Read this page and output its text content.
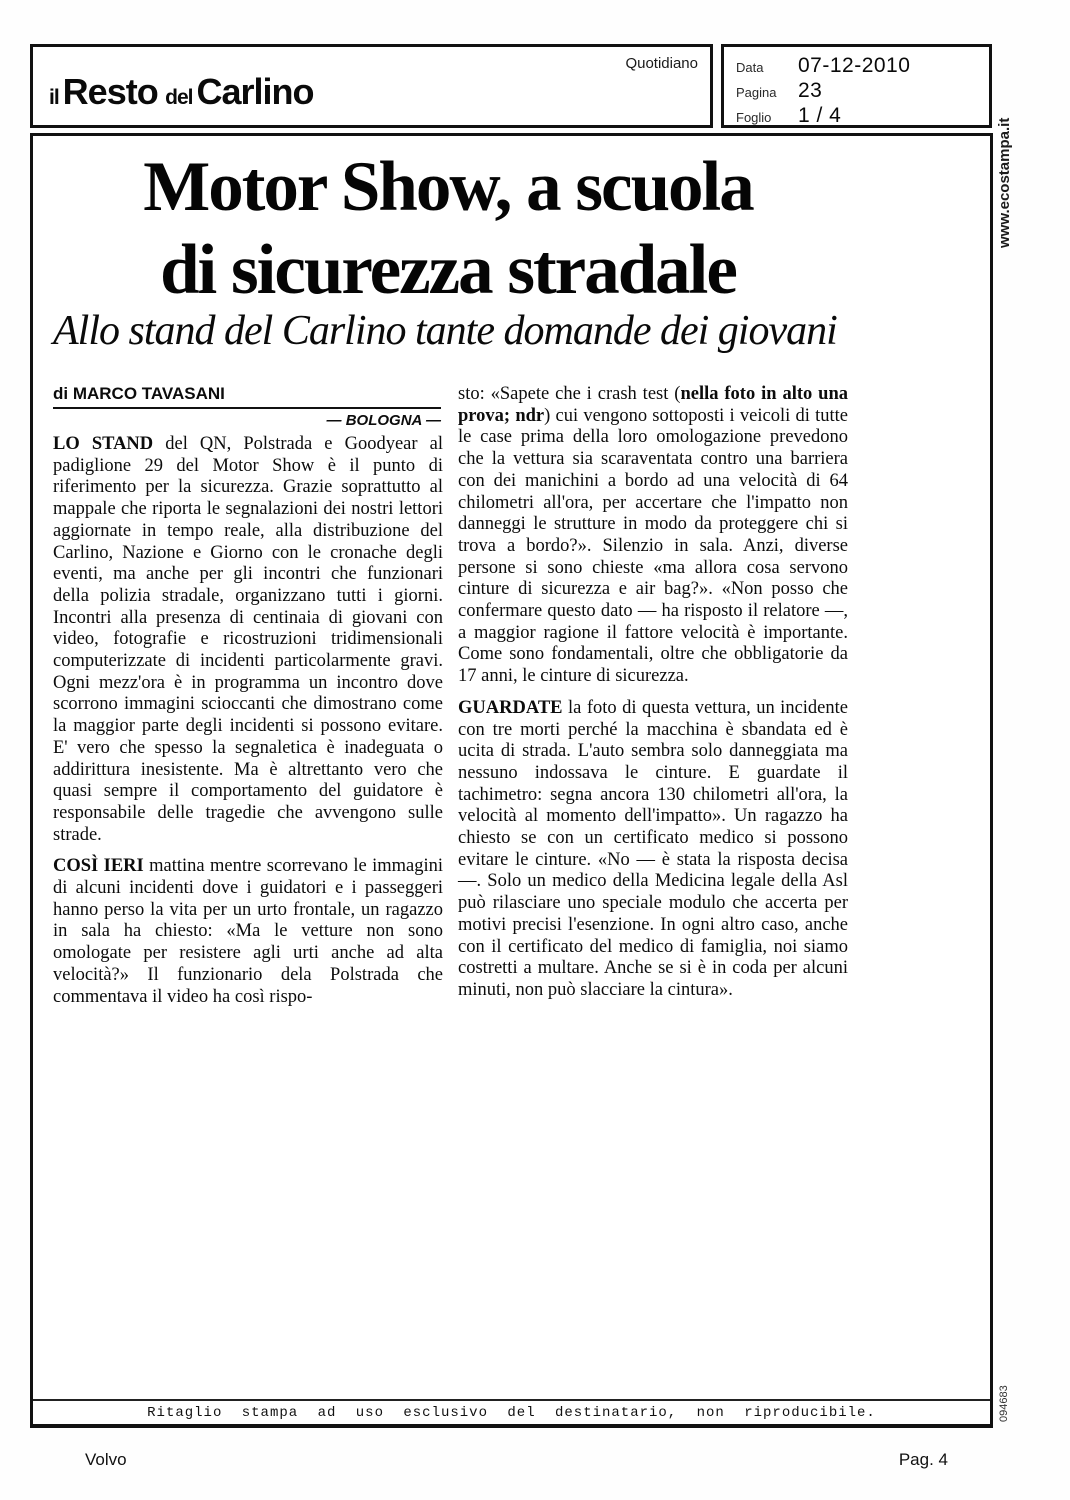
Quotidiano
il Resto del Carlino
Data	07-12-2010
Pagina	23
Foglio	1 / 4
Motor Show, a scuola
di sicurezza stradale
Allo stand del Carlino tante domande dei giovani
di MARCO TAVASANI
— BOLOGNA —

LO STAND del QN, Polstrada e Goodyear al padiglione 29 del Motor Show è il punto di riferimento per la sicurezza. Grazie soprattutto al mappale che riporta le segnalazioni dei nostri lettori aggiornate in tempo reale, alla distribuzione del Carlino, Nazione e Giorno con le cronache degli eventi, ma anche per gli incontri che funzionari della polizia stradale, organizzano tutti i giorni. Incontri alla presenza di centinaia di giovani con video, fotografie e ricostruzioni tridimensionali computerizzate di incidenti particolarmente gravi. Ogni mezz'ora è in programma un incontro dove scorrono immagini scioccanti che dimostrano come la maggior parte degli incidenti si possono evitare. E' vero che spesso la segnaletica è inadeguata o addirittura inesistente. Ma è altrettanto vero che quasi sempre il comportamento del guidatore è responsabile delle tragedie che avvengono sulle strade.

COSÌ IERI mattina mentre scorrevano le immagini di alcuni incidenti dove i guidatori e i passeggeri hanno perso la vita per un urto frontale, un ragazzo in sala ha chiesto: «Ma le vetture non sono omologate per resistere agli urti anche ad alta velocità?» Il funzionario dela Polstrada che commentava il video ha così rispo-

sto: «Sapete che i crash test (nella foto in alto una prova; ndr) cui vengono sottoposti i veicoli di tutte le case prima della loro omologazione prevedono che la vettura sia scaraventata contro una barriera con dei manichini a bordo ad una velocità di 64 chilometri all'ora, per accertare che l'impatto non danneggi le strutture in modo da proteggere chi si trova a bordo?». Silenzio in sala. Anzi, diverse persone si sono chieste «ma allora cosa servono cinture di sicurezza e air bag?». «Non posso che confermare questo dato — ha risposto il relatore —, a maggior ragione il fattore velocità è importante. Come sono fondamentali, oltre che obbligatorie da 17 anni, le cinture di sicurezza.

GUARDATE la foto di questa vettura, un incidente con tre morti perché la macchina è sbandata ed è ucita di strada. L'auto sembra solo danneggiata ma nessuno indossava le cinture. E guardate il tachimetro: segna ancora 130 chilometri all'ora, la velocità al momento dell'impatto». Un ragazzo ha chiesto se con un certificato medico si possono evitare le cinture. «No — è stata la risposta decisa —. Solo un medico della Medicina legale della Asl può rilasciare uno speciale modulo che accerta per motivi precisi l'esenzione. In ogni altro caso, anche con il certificato del medico di famiglia, noi siamo costretti a multare. Anche se si è in coda per alcuni minuti, non può slacciare la cintura».

Ritaglio stampa ad uso esclusivo del destinatario, non riproducibile.
www.ecostampa.it
094683
Volvo	Pag. 4
